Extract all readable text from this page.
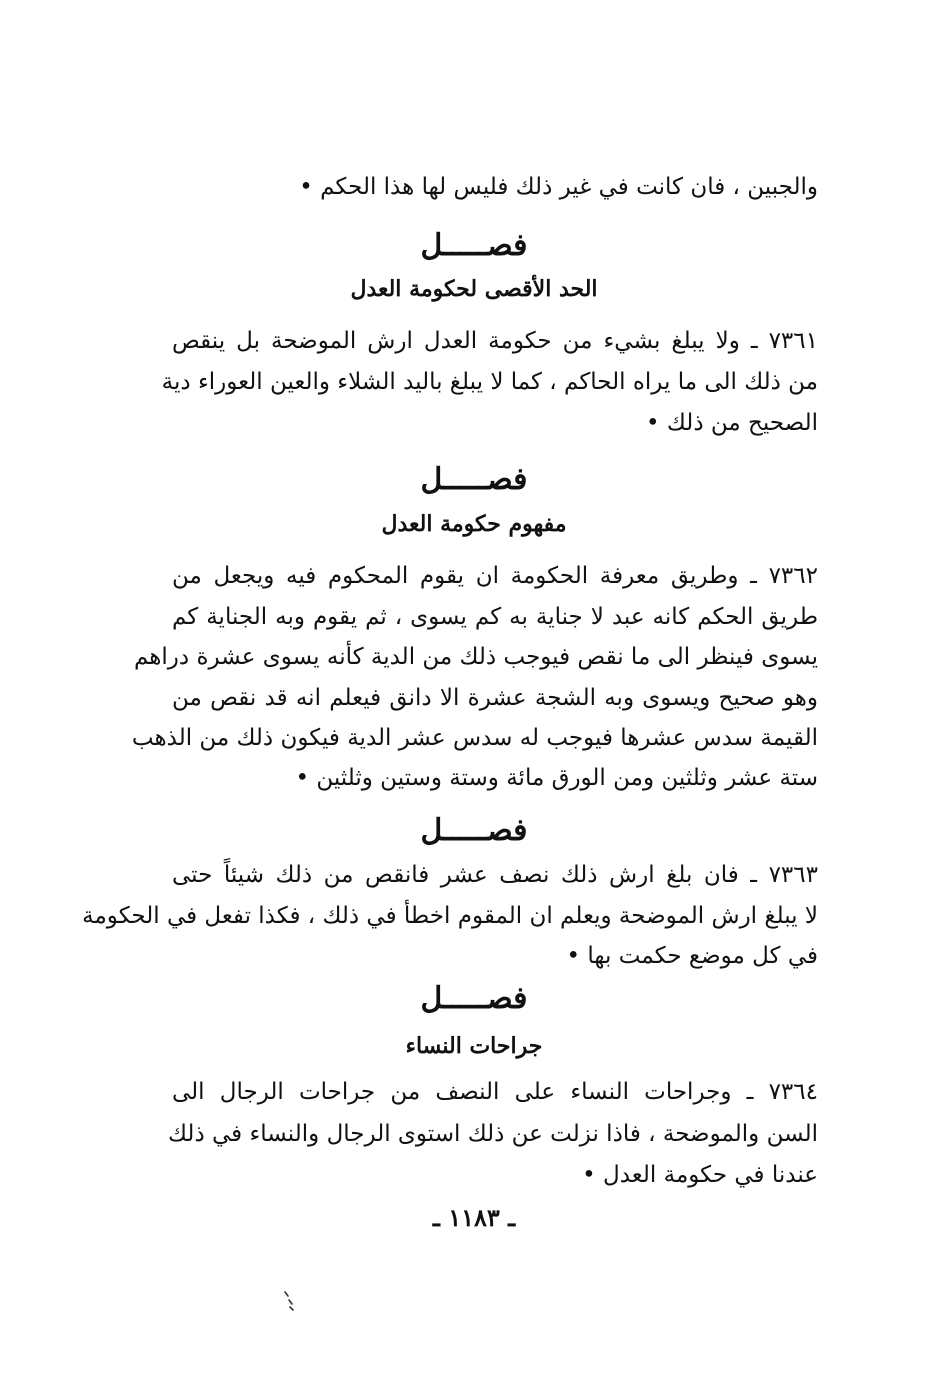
والجبين ، فان كانت في غير ذلك فليس لها هذا الحكم •
فصـــــل
الحد الأقصى لحكومة العدل
٧٣٦١ ـ ولا يبلغ بشيء من حكومة العدل ارش الموضحة بل ينقص
من ذلك الى ما يراه الحاكم ، كما لا يبلغ باليد الشلاء والعين العوراء دية
الصحيح من ذلك •
فصـــــل
مفهوم حكومة العدل
٧٣٦٢ ـ وطريق معرفة الحكومة ان يقوم المحكوم فيه ويجعل من
طريق الحكم كانه عبد لا جناية به كم يسوى ، ثم يقوم وبه الجناية كم
يسوى فينظر الى ما نقص فيوجب ذلك من الدية كأنه يسوى عشرة دراهم
وهو صحيح ويسوى وبه الشجة عشرة الا دانق فيعلم انه قد نقص من
القيمة سدس عشرها فيوجب له سدس عشر الدية فيكون ذلك من الذهب
ستة عشر وثلثين ومن الورق مائة وستة وستين وثلثين •
فصـــــل
٧٣٦٣ ـ فان بلغ ارش ذلك نصف عشر فانقص من ذلك شيئاً حتى
لا يبلغ ارش الموضحة ويعلم ان المقوم اخطأ في ذلك ، فكذا تفعل في الحكومة
في كل موضع حكمت بها •
فصـــــل
جراحات النساء
٧٣٦٤ ـ وجراحات النساء على النصف من جراحات الرجال الى
السن والموضحة ، فاذا نزلت عن ذلك استوى الرجال والنساء في ذلك
عندنا في حكومة العدل •
ـ ١١٨٣ ـ
